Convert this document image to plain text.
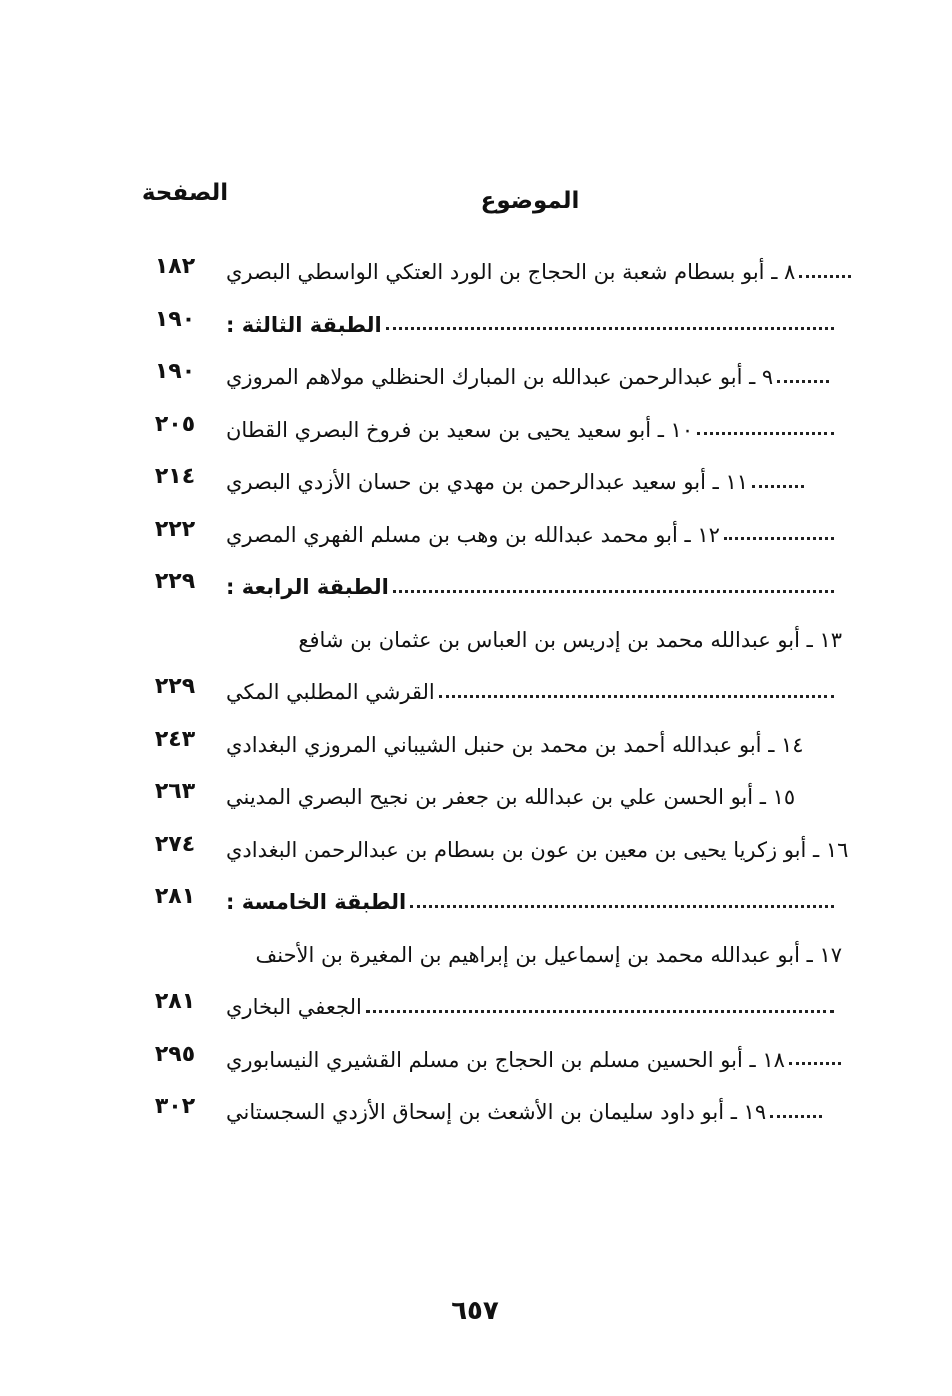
الموضوع
الصفحة
١٨٢	٨ ـ أبو بسطام شعبة بن الحجاج بن الورد العتكي الواسطي البصري
١٩٠	الطبقة الثالثة :
١٩٠	٩ ـ أبو عبدالرحمن عبدالله بن المبارك الحنظلي مولاهم المروزي
٢٠٥	١٠ ـ أبو سعيد يحيى بن سعيد بن فروخ البصري القطان
٢١٤	١١ ـ أبو سعيد عبدالرحمن بن مهدي بن حسان الأزدي البصري
٢٢٢	١٢ ـ أبو محمد عبدالله بن وهب بن مسلم الفهري المصري
٢٢٩	الطبقة الرابعة :
١٣ ـ أبو عبدالله محمد بن إدريس بن العباس بن عثمان بن شافع
٢٢٩	القرشي المطلبي المكي
٢٤٣	١٤ ـ أبو عبدالله أحمد بن محمد بن حنبل الشيباني المروزي البغدادي
٢٦٣	١٥ ـ أبو الحسن علي بن عبدالله بن جعفر بن نجيح البصري المديني
٢٧٤	١٦ ـ أبو زكريا يحيى بن معين بن عون بن بسطام بن عبدالرحمن البغدادي
٢٨١	الطبقة الخامسة :
١٧ ـ أبو عبدالله محمد بن إسماعيل بن إبراهيم بن المغيرة بن الأحنف
٢٨١	الجعفي البخاري
٢٩٥	١٨ ـ أبو الحسين مسلم بن الحجاج بن مسلم القشيري النيسابوري
٣٠٢	١٩ ـ أبو داود سليمان بن الأشعث بن إسحاق الأزدي السجستاني
٦٥٧
